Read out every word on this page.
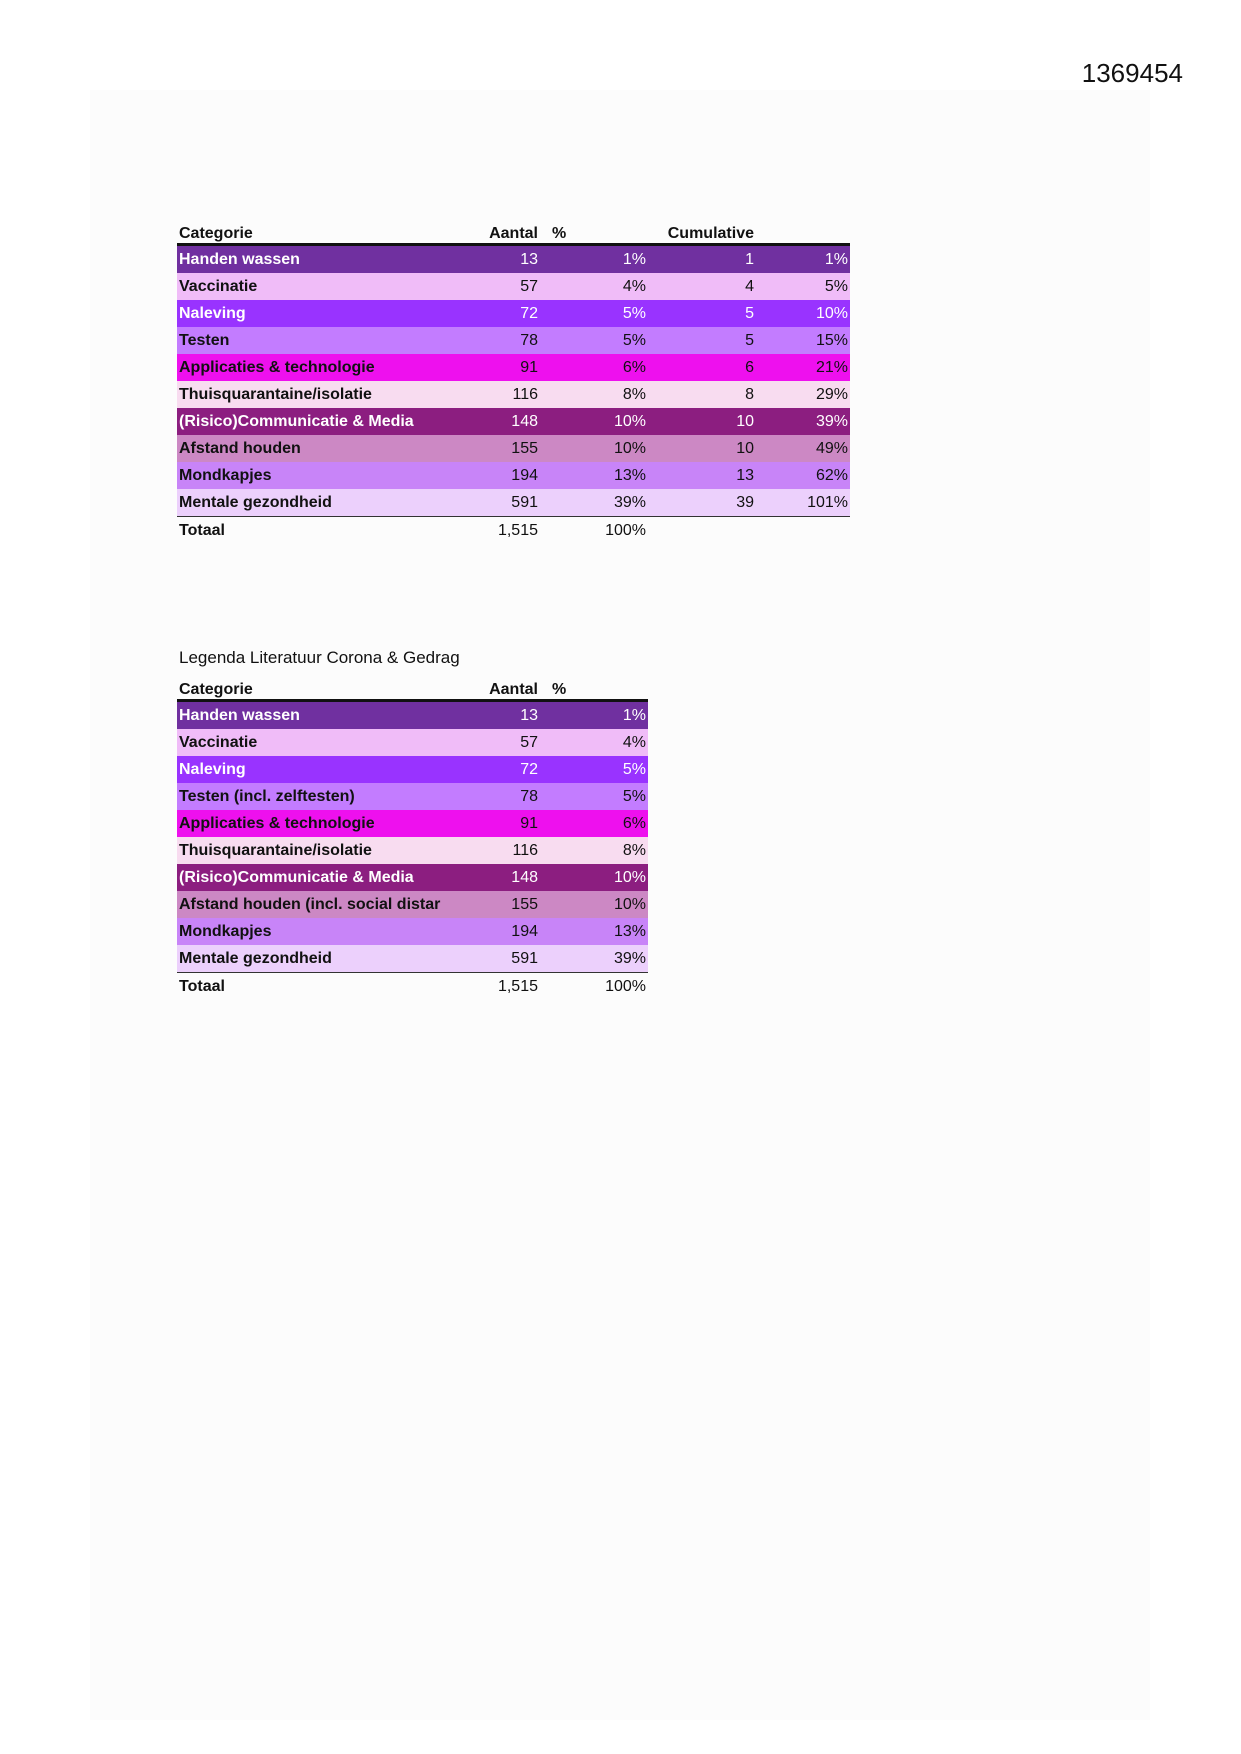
1369454
Categorie	Aantal	%	Cumulative	
Handen wassen	13	1%	1	1%
Vaccinatie	57	4%	4	5%
Naleving	72	5%	5	10%
Testen	78	5%	5	15%
Applicaties & technologie	91	6%	6	21%
Thuisquarantaine/isolatie	116	8%	8	29%
(Risico)Communicatie & Media	148	10%	10	39%
Afstand houden	155	10%	10	49%
Mondkapjes	194	13%	13	62%
Mentale gezondheid	591	39%	39	101%
Totaal	1,515	100%		
Legenda Literatuur Corona & Gedrag
Categorie	Aantal	%
Handen wassen	13	1%
Vaccinatie	57	4%
Naleving	72	5%
Testen (incl. zelftesten)	78	5%
Applicaties & technologie	91	6%
Thuisquarantaine/isolatie	116	8%
(Risico)Communicatie & Media	148	10%
Afstand houden (incl. social distar	155	10%
Mondkapjes	194	13%
Mentale gezondheid	591	39%
Totaal	1,515	100%
